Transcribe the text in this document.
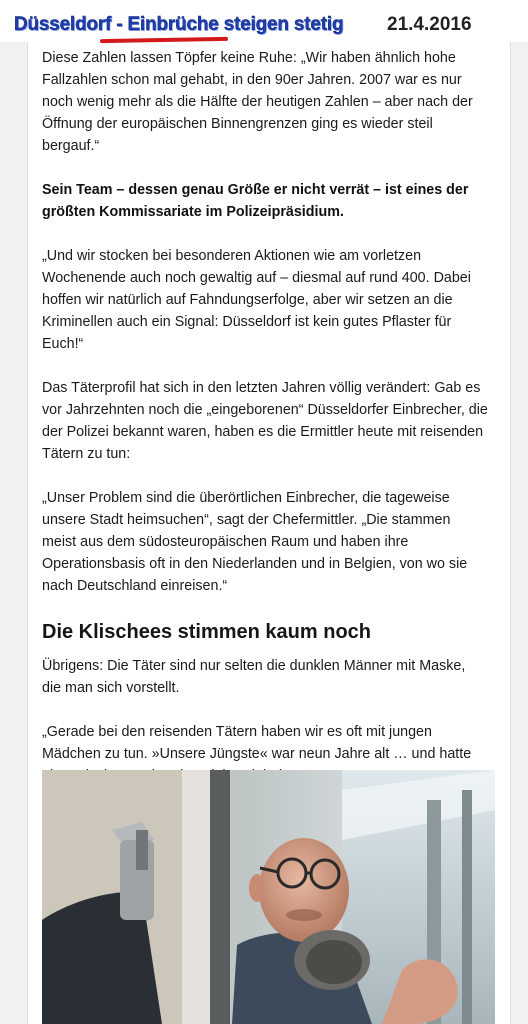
Düsseldorf - Einbrüche steigen stetig 21.4.2016

Diese Zahlen lassen Töpfer keine Ruhe: „Wir haben ähnlich hohe Fallzahlen schon mal gehabt, in den 90er Jahren. 2007 war es nur noch wenig mehr als die Hälfte der heutigen Zahlen – aber nach der Öffnung der europäischen Binnengrenzen ging es wieder steil bergauf.“

Sein Team – dessen genau Größe er nicht verrät – ist eines der größten Kommissariate im Polizeipräsidium.

„Und wir stocken bei besonderen Aktionen wie am vorletzen Wochenende auch noch gewaltig auf – diesmal auf rund 400. Dabei hoffen wir natürlich auf Fahndungserfolge, aber wir setzen an die Kriminellen auch ein Signal: Düsseldorf ist kein gutes Pflaster für Euch!“

Das Täterprofil hat sich in den letzten Jahren völlig verändert: Gab es vor Jahrzehnten noch die „eingeborenen“ Düsseldorfer Einbrecher, die der Polizei bekannt waren, haben es die Ermittler heute mit reisenden Tätern zu tun:

„Unser Problem sind die überörtlichen Einbrecher, die tageweise unsere Stadt heimsuchen“, sagt der Chefermittler. „Die stammen meist aus dem südosteuropäischen Raum und haben ihre Operationsbasis oft in den Niederlanden und in Belgien, von wo sie nach Deutschland einreisen.“

Die Klischees stimmen kaum noch

Übrigens: Die Täter sind nur selten die dunklen Männer mit Maske, die man sich vorstellt.

„Gerade bei den reisenden Tätern haben wir es oft mit jungen Mädchen zu tun. »Unsere Jüngste« war neun Jahre alt … und hatte
